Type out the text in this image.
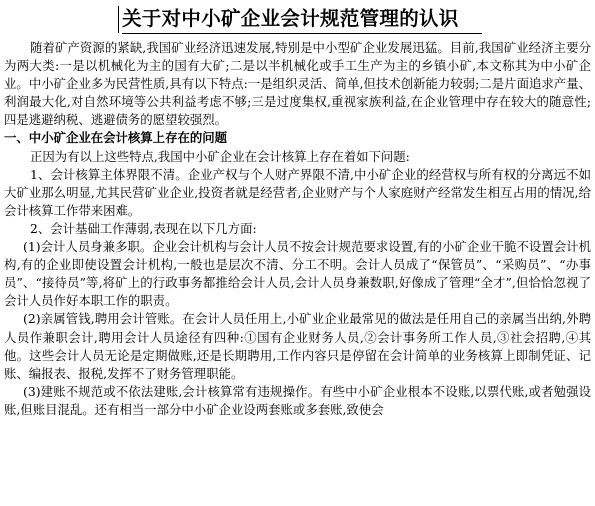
关于对中小矿企业会计规范管理的认识

随着矿产资源的紧缺,我国矿业经济迅速发展,特别是中小型矿企业发展迅猛。目前,我国矿业经济主要分为两大类:一是以机械化为主的国有大矿;二是以半机械化或手工生产为主的乡镇小矿,本文称其为中小矿企业。中小矿企业多为民营性质,具有以下特点:一是组织灵活、简单,但技术创新能力较弱;二是片面追求产量、利润最大化,对自然环境等公共利益考虑不够;三是过度集权,重视家族利益,在企业管理中存在较大的随意性;四是逃避纳税、逃避债务的愿望较强烈。

一、中小矿企业在会计核算上存在的问题

正因为有以上这些特点,我国中小矿企业在会计核算上存在着如下问题:

1、会计核算主体界限不清。企业产权与个人财产界限不清,中小矿企业的经营权与所有权的分离远不如大矿业那么明显,尤其民营矿业企业,投资者就是经营者,企业财产与个人家庭财产经常发生相互占用的情况,给会计核算工作带来困难。

2、会计基础工作薄弱,表现在以下几方面:

(1)会计人员身兼多职。企业会计机构与会计人员不按会计规范要求设置,有的小矿企业干脆不设置会计机构,有的企业即使设置会计机构,一般也是层次不清、分工不明。会计人员成了“保管员”、“采购员”、“办事员”、“接待员”等,将矿上的行政事务都推给会计人员,会计人员身兼数职,好像成了管理“全才”,但恰恰忽视了会计人员作好本职工作的职责。

(2)亲属管钱,聘用会计管账。在会计人员任用上,小矿业企业最常见的做法是任用自己的亲属当出纳,外聘人员作兼职会计,聘用会计人员途径有四种:①国有企业财务人员,②会计事务所工作人员,③社会招聘,④其他。这些会计人员无论是定期做账,还是长期聘用,工作内容只是停留在会计简单的业务核算上即制凭证、记账、编报表、报税,发挥不了财务管理职能。

(3)建账不规范或不依法建账,会计核算常有违规操作。有些中小矿企业根本不设账,以票代账,或者勉强设账,但账目混乱。还有相当一部分中小矿企业设两套账或多套账,致使会
